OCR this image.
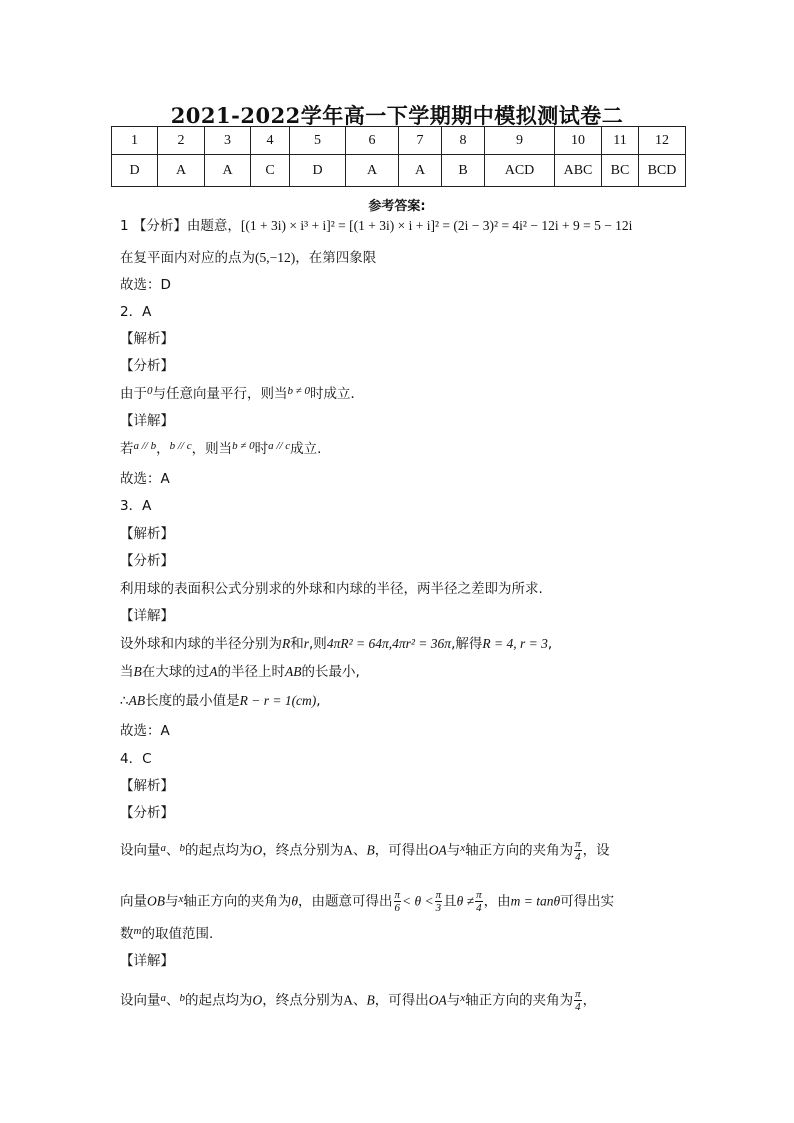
2021-2022学年高一下学期期中模拟测试卷二
1	2	3	4	5	6	7	8	9	10	11	12
D	A	A	C	D	A	A	B	ACD	ABC	BC	BCD
参考答案:
1 【分析】由题意，[(1 + 3i) × i³ + i]² = [(1 + 3i) × i + i]² = (2i − 3)² = 4i² − 12i + 9 = 5 − 12i
在复平面内对应的点为(5,−12)，在第四象限
故选：D
2．A
【解析】
【分析】
由于$^0$与任意向量平行，则当$^{b \ne 0}$时成立．
【详解】
若$^{a // b}$，$^{b // c}$，则当$^{b \ne 0}$时$^{a // c}$成立.
故选：A
3．A
【解析】
【分析】
利用球的表面积公式分别求的外球和内球的半径，两半径之差即为所求.
【详解】
设外球和内球的半径分别为R和r,则4πR² = 64π,4πr² = 36π,解得R = 4, r = 3,
当B在大球的过A的半径上时AB的长最小,
∴AB长度的最小值是R − r = 1(cm),
故选：A
4．C
【解析】
【分析】
设向量$^a$、$^b$的起点均为O，终点分别为A、B，可得出OA与$^x$轴正方向的夹角为 $\frac{\pi}{4}$ ，设
向量OB与$^x$轴正方向的夹角为θ，由题意可得出 $\frac{\pi}{6} < \theta < \frac{\pi}{3}$ 且$\theta \ne \frac{\pi}{4}$ ，由m = tanθ可得出实
数$^m$的取值范围.
【详解】
设向量$^a$、$^b$的起点均为O，终点分别为A、B，可得出OA与$^x$轴正方向的夹角为 $\frac{\pi}{4}$ ，
